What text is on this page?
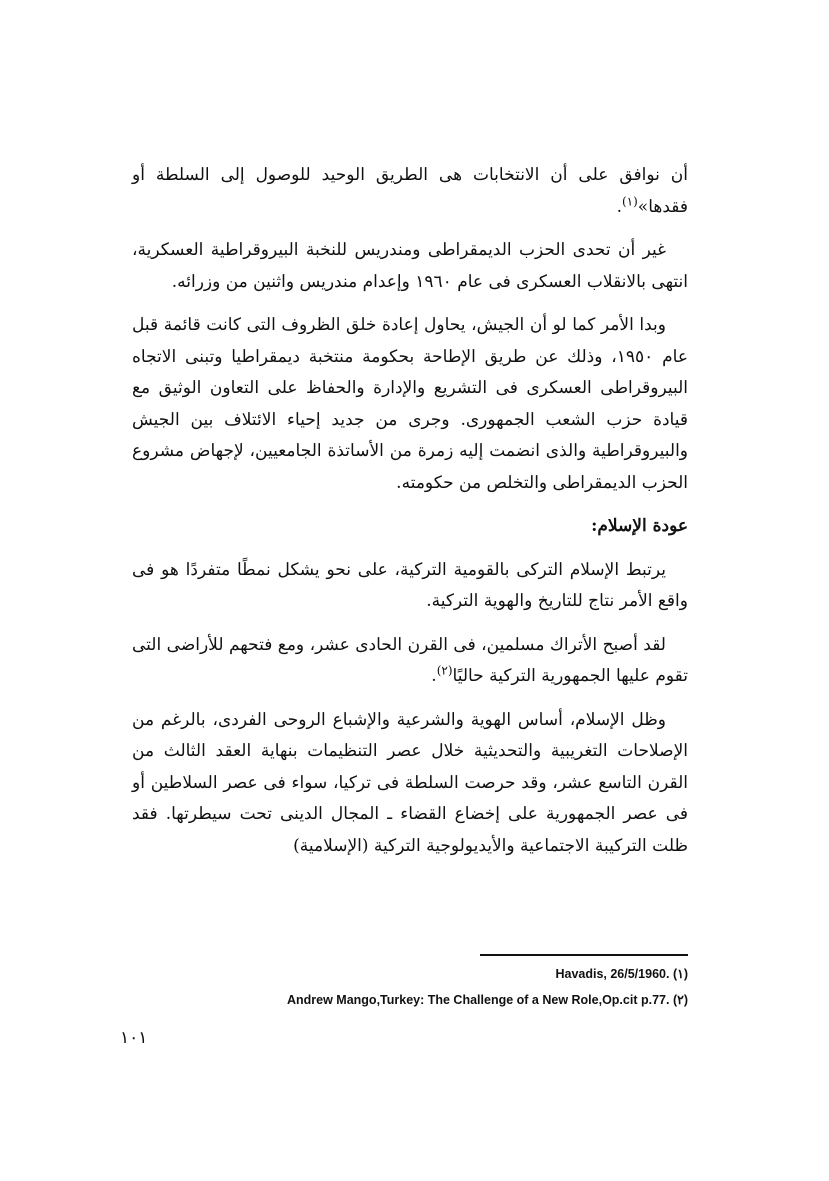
أن نوافق على أن الانتخابات هى الطريق الوحيد للوصول إلى السلطة أو فقدها»$^{(١)}$.

غير أن تحدى الحزب الديمقراطى ومندريس للنخبة البيروقراطية العسكرية، انتهى بالانقلاب العسكرى فى عام ١٩٦٠ وإعدام مندريس واثنين من وزرائه.

وبدا الأمر كما لو أن الجيش، يحاول إعادة خلق الظروف التى كانت قائمة قبل عام ١٩٥٠، وذلك عن طريق الإطاحة بحكومة منتخبة ديمقراطيا وتبنى الاتجاه البيروقراطى العسكرى فى التشريع والإدارة والحفاظ على التعاون الوثيق مع قيادة حزب الشعب الجمهورى. وجرى من جديد إحياء الائتلاف بين الجيش والبيروقراطية والذى انضمت إليه زمرة من الأساتذة الجامعيين، لإجهاض مشروع الحزب الديمقراطى والتخلص من حكومته.

عودة الإسلام:

يرتبط الإسلام التركى بالقومية التركية، على نحو يشكل نمطًا متفردًا هو فى واقع الأمر نتاج للتاريخ والهوية التركية.

لقد أصبح الأتراك مسلمين، فى القرن الحادى عشر، ومع فتحهم للأراضى التى تقوم عليها الجمهورية التركية حاليًا$^{(٢)}$.

وظل الإسلام، أساس الهوية والشرعية والإشباع الروحى الفردى، بالرغم من الإصلاحات التغريبية والتحديثية خلال عصر التنظيمات بنهاية العقد الثالث من القرن التاسع عشر، وقد حرصت السلطة فى تركيا، سواء فى عصر السلاطين أو فى عصر الجمهورية على إخضاع القضاء ـ المجال الدينى تحت سيطرتها. فقد ظلت التركيبة الاجتماعية والأيديولوجية التركية (الإسلامية)

(١) Havadis, 26/5/1960.
(٢) Andrew Mango,Turkey: The Challenge of a New Role,Op.cit p.77.
١٠١
